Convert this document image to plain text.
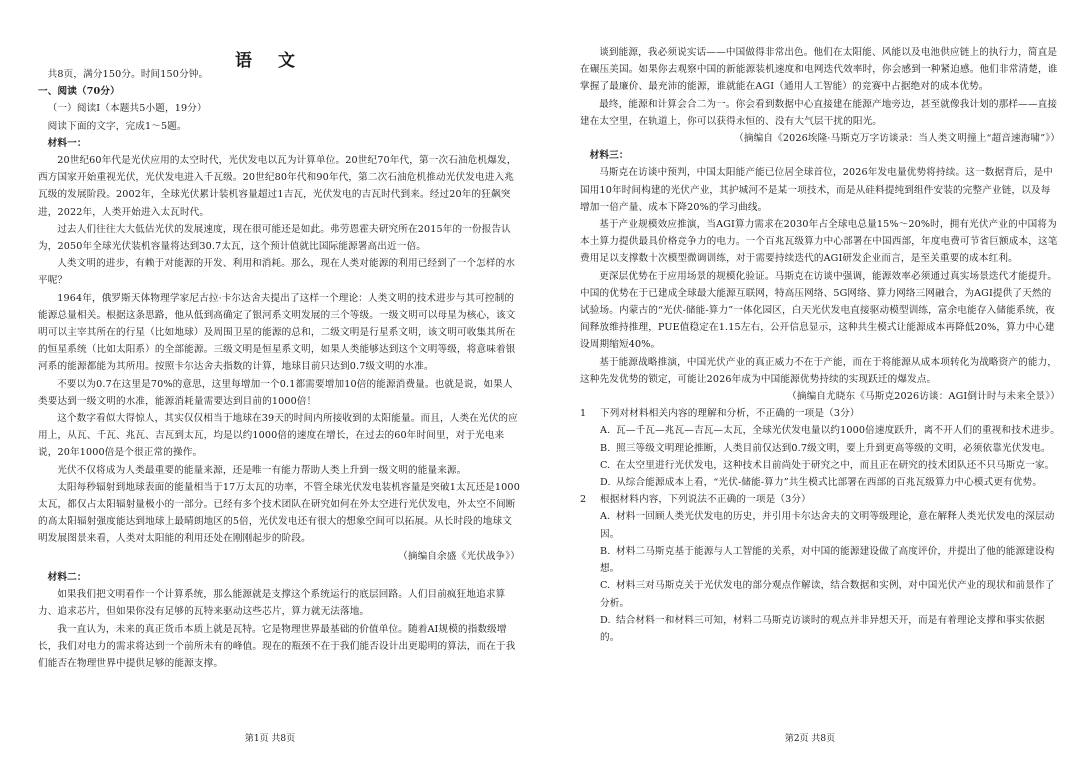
语 文

共8页，满分150分。时间150分钟。

一、阅读（70分）

（一）阅读Ⅰ（本题共5小题，19分）

阅读下面的文字，完成1～5题。

材料一：

20世纪60年代是光伏应用的太空时代，光伏发电以瓦为计算单位。20世纪70年代，第一次石油危机爆发，西方国家开始重视光伏，光伏发电进入千瓦级。20世纪80年代和90年代，第二次石油危机推动光伏发电进入兆瓦级的发展阶段。2002年，全球光伏累计装机容量超过1吉瓦，光伏发电的吉瓦时代到来。经过20年的狂飙突进，2022年，人类开始进入太瓦时代。

过去人们往往大大低估光伏的发展速度，现在很可能还是如此。弗劳恩霍夫研究所在2015年的一份报告认为，2050年全球光伏装机容量将达到30.7太瓦，这个预计值就比国际能源署高出近一倍。

人类文明的进步，有赖于对能源的开发、利用和消耗。那么，现在人类对能源的利用已经到了一个怎样的水平呢？

1964年，俄罗斯天体物理学家尼古拉·卡尔达舍夫提出了这样一个理论：人类文明的技术进步与其可控制的能源总量相关。根据这条思路，他从低到高确定了银河系文明发展的三个等级。一级文明可以母星为核心，该文明可以主宰其所在的行星（比如地球）及周围卫星的能源的总和，二级文明是行星系文明，该文明可收集其所在的恒星系统（比如太阳系）的全部能源。三级文明是恒星系文明，如果人类能够达到这个文明等级，将意味着银河系的能源都能为其所用。按照卡尔达舍夫指数的计算，地球目前只达到0.7级文明的水准。

不要以为0.7在这里是70%的意思，这里每增加一个0.1都需要增加10倍的能源消费量。也就是说，如果人类要达到一级文明的水准，能源消耗量需要达到目前的1000倍！

这个数字看似大得惊人，其实仅仅相当于地球在39天的时间内所接收到的太阳能量。而且，人类在光伏的应用上，从瓦、千瓦、兆瓦、吉瓦到太瓦，均是以约1000倍的速度在增长，在过去的60年时间里，对于光电来说，20年1000倍是个很正常的操作。

光伏不仅将成为人类最重要的能量来源，还是唯一有能力帮助人类上升到一级文明的能量来源。

太阳每秒辐射到地球表面的能量相当于17万太瓦的功率，不管全球光伏发电装机容量是突破1太瓦还是1000太瓦，都仅占太阳辐射量极小的一部分。已经有多个技术团队在研究如何在外太空进行光伏发电，外太空不间断的高太阳辐射强度能达到地球上最晴朗地区的5倍，光伏发电还有很大的想象空间可以拓展。从长时段的地球文明发展图景来看，人类对太阳能的利用还处在刚刚起步的阶段。

（摘编自余盛《光伏战争》）

材料二：

如果我们把文明看作一个计算系统，那么能源就是支撑这个系统运行的底层回路。人们目前疯狂地追求算力、追求芯片，但如果你没有足够的瓦特来驱动这些芯片，算力就无法落地。

我一直认为，未来的真正货币本质上就是瓦特。它是物理世界最基础的价值单位。随着AI规模的指数级增长，我们对电力的需求将达到一个前所未有的峰值。现在的瓶颈不在于我们能否设计出更聪明的算法，而在于我们能否在物理世界中提供足够的能源支撑。

第1页 共8页

谈到能源，我必须说实话——中国做得非常出色。他们在太阳能、风能以及电池供应链上的执行力，简直是在碾压美国。如果你去观察中国的新能源装机速度和电网迭代效率时，你会感到一种紧迫感。他们非常清楚，谁掌握了最廉价、最充沛的能源，谁就能在AGI（通用人工智能）的竞赛中占据绝对的成本优势。

最终，能源和计算会合二为一。你会看到数据中心直接建在能源产地旁边，甚至就像我计划的那样——直接建在太空里，在轨道上，你可以获得永恒的、没有大气层干扰的阳光。

（摘编自《2026埃隆·马斯克万字访谈录：当人类文明撞上“超音速海啸”》）

材料三：

马斯克在访谈中预判，中国太阳能产能已位居全球首位，2026年发电量优势将持续。这一数据背后，是中国用10年时间构建的光伏产业，其护城河不是某一项技术，而是从硅料提纯到组件安装的完整产业链，以及每增加一倍产量、成本下降20%的学习曲线。

基于产业规模效应推演，当AGI算力需求在2030年占全球电总量15%～20%时，拥有光伏产业的中国将为本土算力提供最具价格竞争力的电力。一个百兆瓦级算力中心部署在中国西部，年度电费可节省巨额成本，这笔费用足以支撑数十次模型微调训练，对于需要持续迭代的AGI研发企业而言，是至关重要的成本红利。

更深层优势在于应用场景的规模化验证。马斯克在访谈中强调，能源效率必须通过真实场景迭代才能提升。中国的优势在于已建成全球最大能源互联网，特高压网络、5G网络、算力网络三网融合，为AGI提供了天然的试验场。内蒙古的“光伏-储能-算力”一体化园区，白天光伏发电直接驱动模型训练，富余电能存入储能系统，夜间释放维持推理，PUE值稳定在1.15左右，公开信息显示，这种共生模式让能源成本再降低20%，算力中心建设周期缩短40%。

基于能源战略推演，中国光伏产业的真正威力不在于产能，而在于将能源从成本项转化为战略资产的能力，这种先发优势的锁定，可能让2026年成为中国能源优势持续的实现跃迁的爆发点。

（摘编自尤晓东《马斯克2026访谈：AGI倒计时与未来全景》）

1	下列对材料相关内容的理解和分析，不正确的一项是（3分）
A. 瓦—千瓦—兆瓦—吉瓦—太瓦，全球光伏发电量以约1000倍速度跃升，离不开人们的重视和技术进步。
B. 照三等级文明理论推断，人类目前仅达到0.7级文明，要上升到更高等级的文明，必须依靠光伏发电。
C. 在太空里进行光伏发电，这种技术目前尚处于研究之中，而且正在研究的技术团队还不只马斯克一家。
D. 从综合能源成本上看，“光伏-储能-算力”共生模式比部署在西部的百兆瓦级算力中心模式更有优势。
2	根据材料内容，下列说法不正确的一项是（3分）
A. 材料一回顾人类光伏发电的历史，并引用卡尔达舍夫的文明等级理论，意在解释人类光伏发电的深层动因。
B. 材料二马斯克基于能源与人工智能的关系，对中国的能源建设做了高度评价，并提出了他的能源建设构想。
C. 材料三对马斯克关于光伏发电的部分观点作解读，结合数据和实例，对中国光伏产业的现状和前景作了分析。
D. 结合材料一和材料三可知，材料二马斯克访谈时的观点并非异想天开，而是有着理论支撑和事实依据的。
第2页 共8页
